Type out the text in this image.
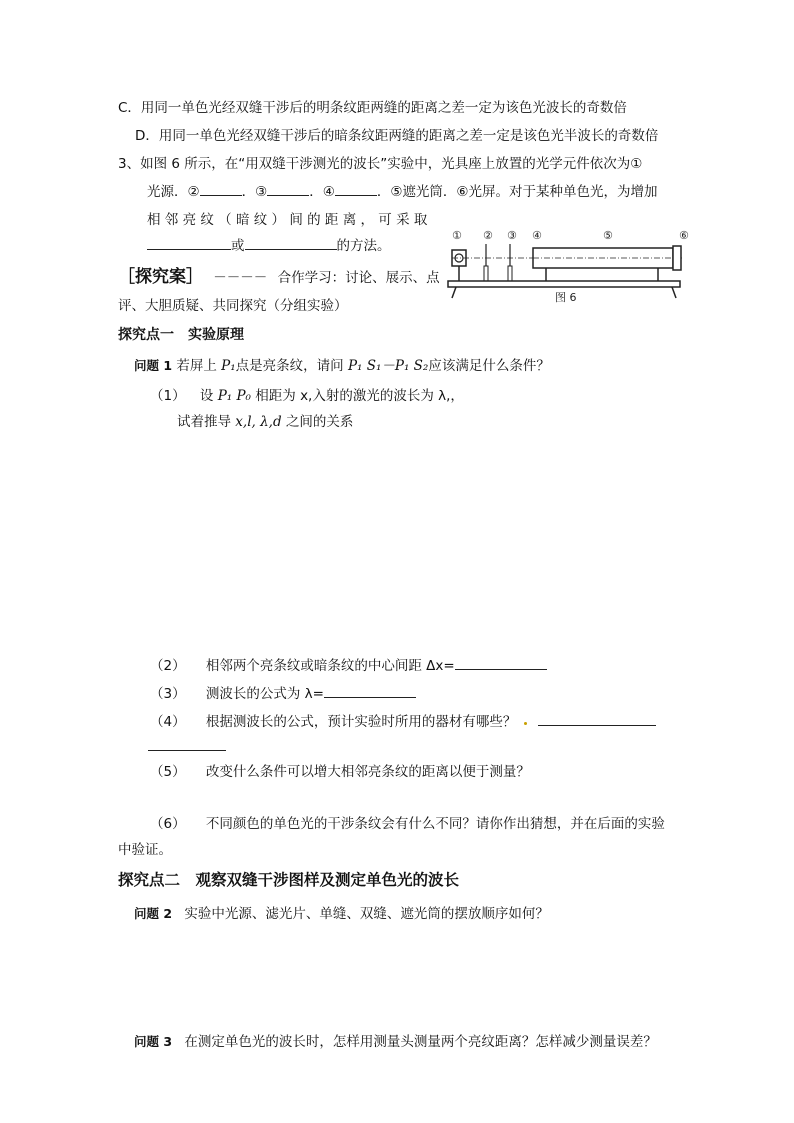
C．用同一单色光经双缝干涉后的明条纹距两缝的距离之差一定为该色光波长的奇数倍
D．用同一单色光经双缝干涉后的暗条纹距两缝的距离之差一定是该色光半波长的奇数倍
3、如图 6 所示，在“用双缝干涉测光的波长”实验中，光具座上放置的光学元件依次为①
光源．②	．③	．④	．⑤遮光筒．⑥光屏。对于某种单色光，为增加
相 邻 亮 纹 （ 暗 纹 ） 间 的 距 离 ， 可 采 取
或	的方法。
① ② ③ ④	⑤	⑥
图 6
［探究案］ －－－－ 合作学习：讨论、展示、点
评、大胆质疑、共同探究（分组实验）
探究点一　实验原理
问题 1 若屏上 P₁点是亮条纹，请问 P₁ S₁－P₁ S₂应该满足什么条件？
（1） 设 P₁ P₀ 相距为 x,入射的激光的波长为 λ,，
试着推导 x,l, λ,d 之间的关系
（2） 相邻两个亮条纹或暗条纹的中心间距 Δx=
（3） 测波长的公式为 λ=
（4） 根据测波长的公式，预计实验时所用的器材有哪些？
（5） 改变什么条件可以增大相邻亮条纹的距离以便于测量？
（6） 不同颜色的单色光的干涉条纹会有什么不同？请你作出猜想，并在后面的实验
中验证。
探究点二　观察双缝干涉图样及测定单色光的波长
问题 2 实验中光源、滤光片、单缝、双缝、遮光筒的摆放顺序如何？
问题 3 在测定单色光的波长时，怎样用测量头测量两个亮纹距离？怎样减少测量误差？
